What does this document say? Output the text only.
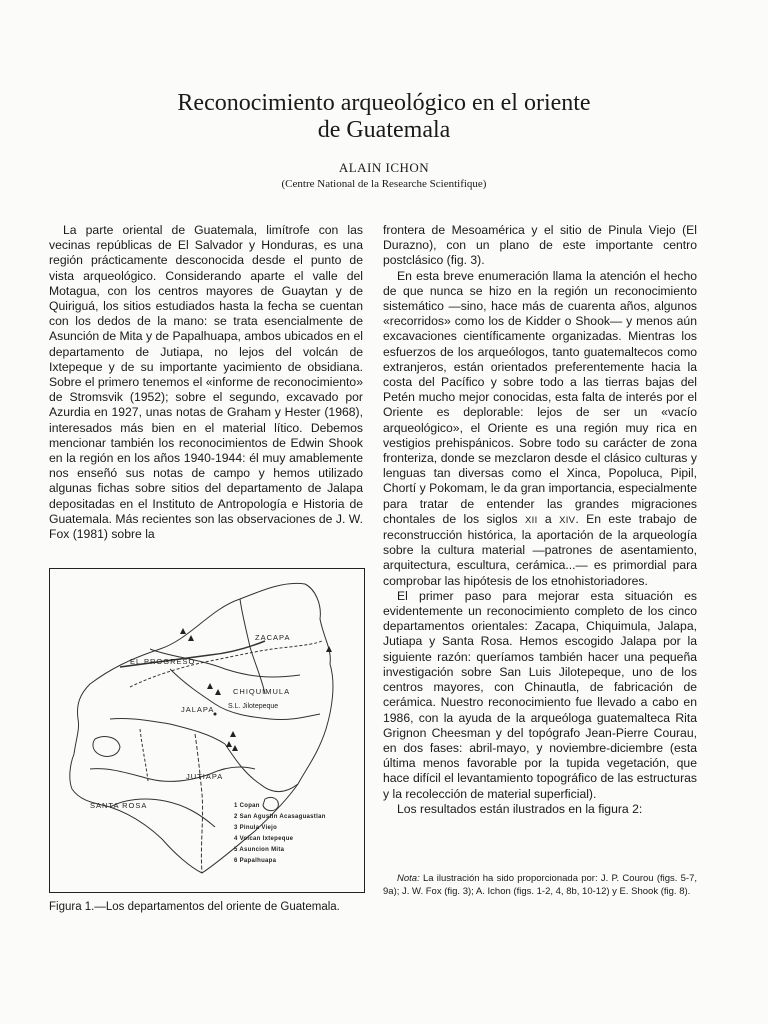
Reconocimiento arqueológico en el oriente
de Guatemala
ALAIN ICHON
(Centre National de la Researche Scientifique)

La parte oriental de Guatemala, limítrofe con las vecinas repúblicas de El Salvador y Honduras, es una región prácticamente desconocida desde el punto de vista arqueológico. Considerando aparte el valle del Motagua, con los centros mayores de Guaytan y de Quiriguá, los sitios estudiados hasta la fecha se cuentan con los dedos de la mano: se trata esencialmente de Asunción de Mita y de Papalhuapa, ambos ubicados en el departamento de Jutiapa, no lejos del volcán de Ixtepeque y de su importante yacimiento de obsidiana. Sobre el primero tenemos el «informe de reconocimiento» de Stromsvik (1952); sobre el segundo, excavado por Azurdia en 1927, unas notas de Graham y Hester (1968), interesados más bien en el material lítico. Debemos mencionar también los reconocimientos de Edwin Shook en la región en los años 1940-1944: él muy amablemente nos enseñó sus notas de campo y hemos utilizado algunas fichas sobre sitios del departamento de Jalapa depositadas en el Instituto de Antropología e Historia de Guatemala. Más recientes son las observaciones de J. W. Fox (1981) sobre la

frontera de Mesoamérica y el sitio de Pinula Viejo (El Durazno), con un plano de este importante centro postclásico (fig. 3).

En esta breve enumeración llama la atención el hecho de que nunca se hizo en la región un reconocimiento sistemático —sino, hace más de cuarenta años, algunos «recorridos» como los de Kidder o Shook— y menos aún excavaciones científicamente organizadas. Mientras los esfuerzos de los arqueólogos, tanto guatemaltecos como extranjeros, están orientados preferentemente hacia la costa del Pacífico y sobre todo a las tierras bajas del Petén mucho mejor conocidas, esta falta de interés por el Oriente es deplorable: lejos de ser un «vacío arqueológico», el Oriente es una región muy rica en vestigios prehispánicos. Sobre todo su carácter de zona fronteriza, donde se mezclaron desde el clásico culturas y lenguas tan diversas como el Xinca, Popoluca, Pipil, Chortí y Pokomam, le da gran importancia, especialmente para tratar de entender las grandes migraciones chontales de los siglos XII a XIV. En este trabajo de reconstrucción histórica, la aportación de la arqueología sobre la cultura material —patrones de asentamiento, arquitectura, escultura, cerámica...— es primordial para comprobar las hipótesis de los etnohistoriadores.

El primer paso para mejorar esta situación es evidentemente un reconocimiento completo de los cinco departamentos orientales: Zacapa, Chiquimula, Jalapa, Jutiapa y Santa Rosa. Hemos escogido Jalapa por la siguiente razón: queríamos también hacer una pequeña investigación sobre San Luis Jilotepeque, uno de los centros mayores, con Chinautla, de fabricación de cerámica. Nuestro reconocimiento fue llevado a cabo en 1986, con la ayuda de la arqueóloga guatemalteca Rita Grignon Cheesman y del topógrafo Jean-Pierre Courau, en dos fases: abril-mayo, y noviembre-diciembre (esta última menos favorable por la tupida vegetación, que hace difícil el levantamiento topográfico de las estructuras y la recolección de material superficial).

Los resultados están ilustrados en la figura 2:

ZACAPA
EL PROGRESO
CHIQUIMULA
JALAPA S.L. Jilotepeque
JUTIAPA
SANTA ROSA	1 Copan
2 San Agustin Acasaguastlan
3 Pinula Viejo
4 Volcan Ixtepeque
5 Asuncion Mita
6 Papalhuapa
Figura 1.—Los departamentos del oriente de Guatemala.
Nota: La ilustración ha sido proporcionada por: J. P. Courou (figs. 5-7, 9a); J. W. Fox (fig. 3); A. Ichon (figs. 1-2, 4, 8b, 10-12) y E. Shook (fig. 8).
